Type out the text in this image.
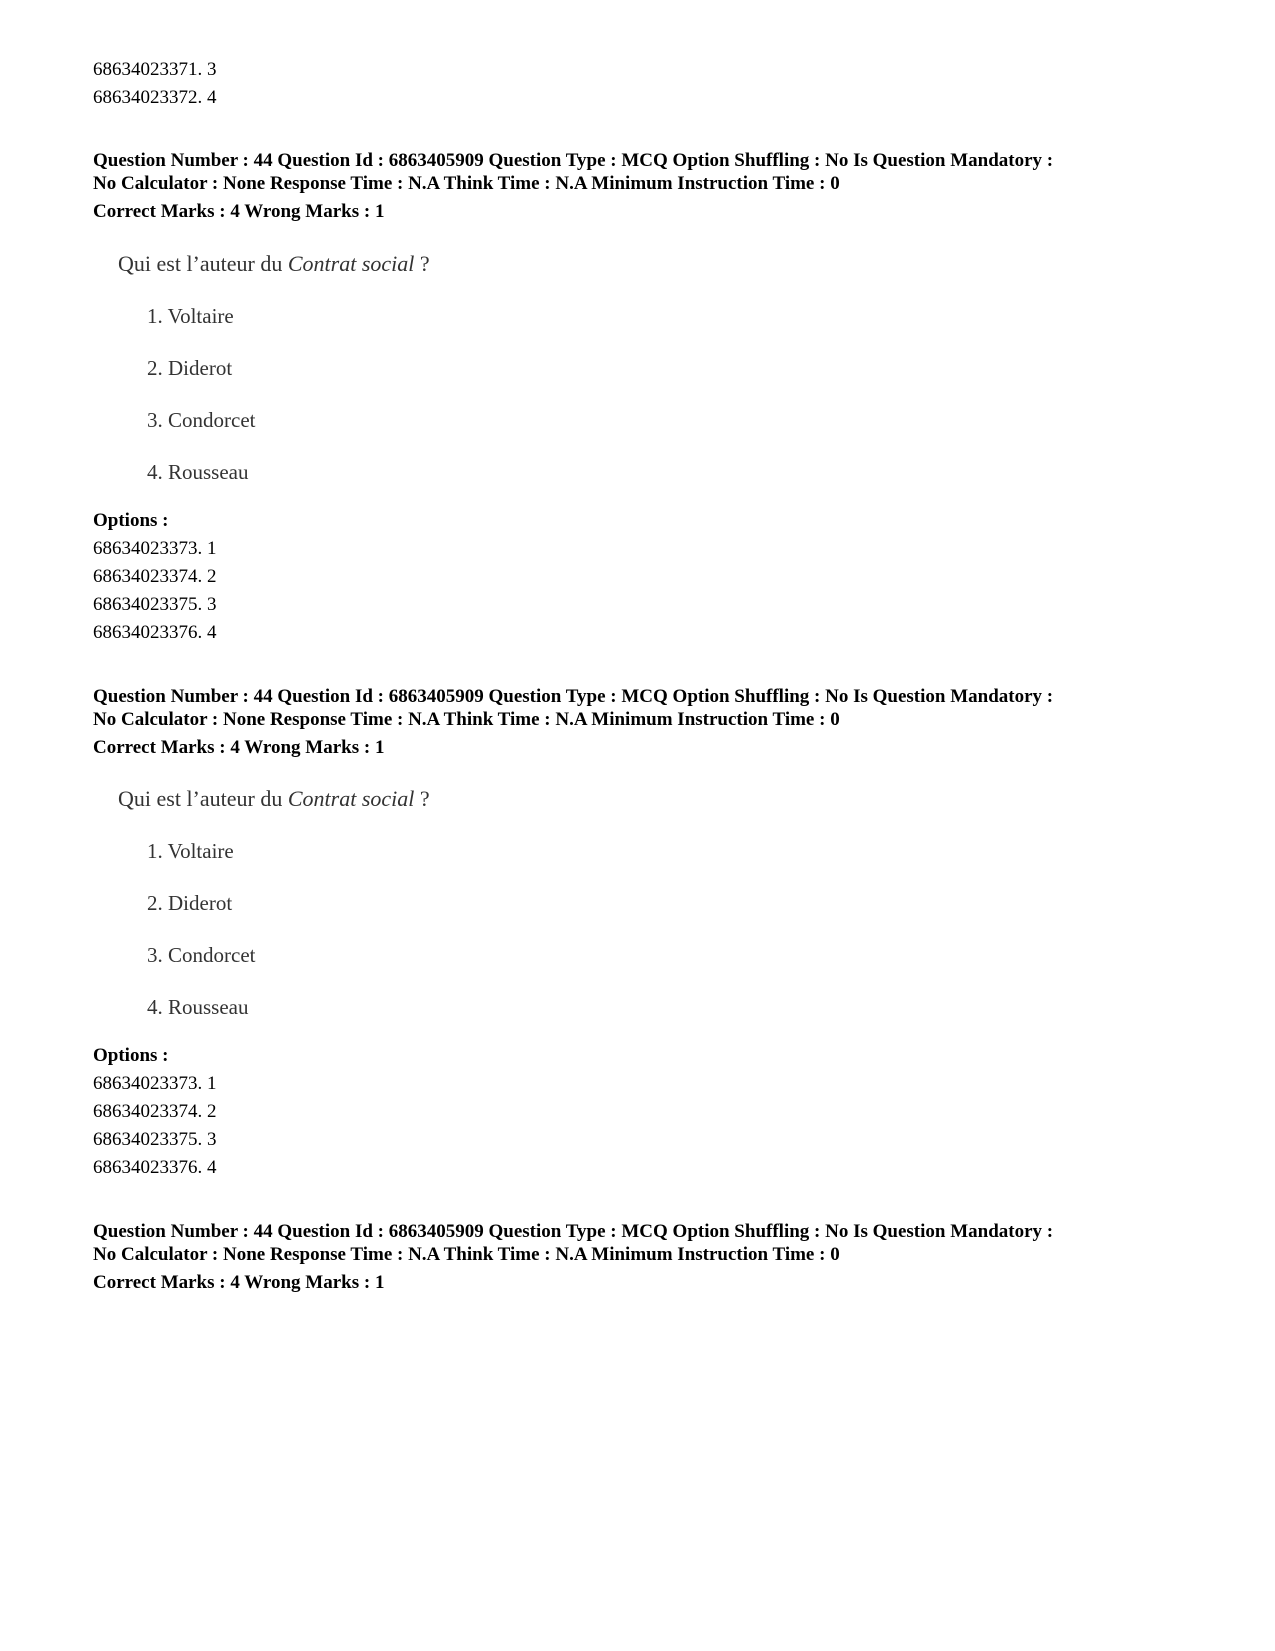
68634023371. 3
68634023372. 4
Question Number : 44 Question Id : 6863405909 Question Type : MCQ Option Shuffling : No Is Question Mandatory :
No Calculator : None Response Time : N.A Think Time : N.A Minimum Instruction Time : 0
Correct Marks : 4 Wrong Marks : 1
Qui est l’auteur du Contrat social ?
1. Voltaire
2. Diderot
3. Condorcet
4. Rousseau
Options :
68634023373. 1
68634023374. 2
68634023375. 3
68634023376. 4
Question Number : 44 Question Id : 6863405909 Question Type : MCQ Option Shuffling : No Is Question Mandatory :
No Calculator : None Response Time : N.A Think Time : N.A Minimum Instruction Time : 0
Correct Marks : 4 Wrong Marks : 1
Qui est l’auteur du Contrat social ?
1. Voltaire
2. Diderot
3. Condorcet
4. Rousseau
Options :
68634023373. 1
68634023374. 2
68634023375. 3
68634023376. 4
Question Number : 44 Question Id : 6863405909 Question Type : MCQ Option Shuffling : No Is Question Mandatory :
No Calculator : None Response Time : N.A Think Time : N.A Minimum Instruction Time : 0
Correct Marks : 4 Wrong Marks : 1
